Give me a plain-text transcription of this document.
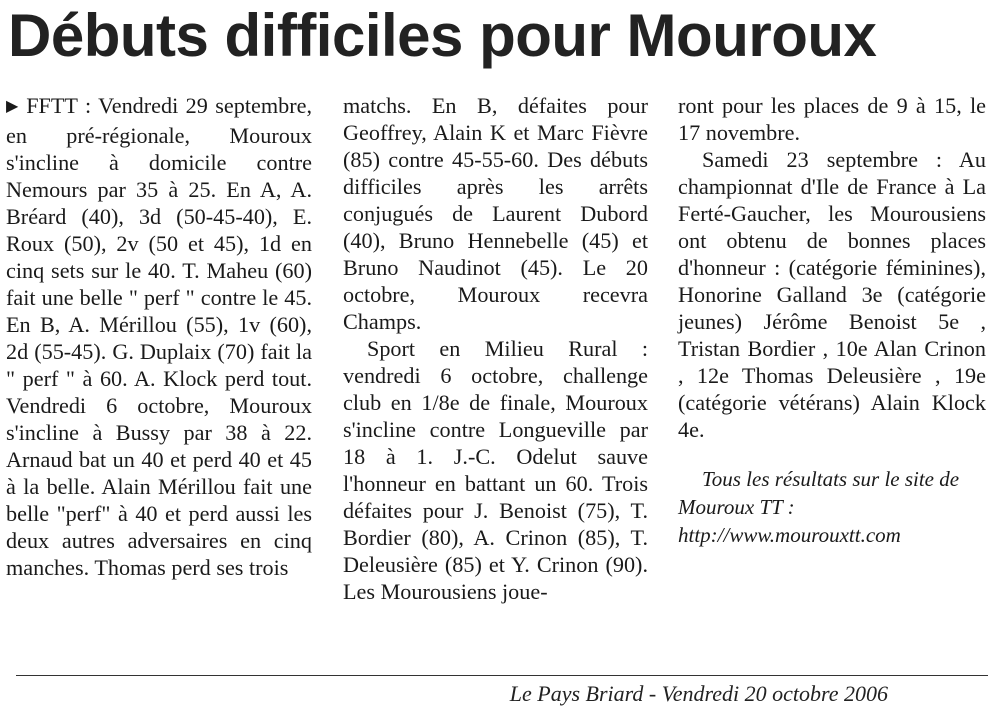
Débuts difficiles pour Mouroux

▶ FFTT : Vendredi 29 septembre, en pré-régionale, Mouroux s'incline à domicile contre Nemours par 35 à 25. En A, A. Bréard (40), 3d (50-45-40), E. Roux (50), 2v (50 et 45), 1d en cinq sets sur le 40. T. Maheu (60) fait une belle " perf " contre le 45. En B, A. Mérillou (55), 1v (60), 2d (55-45). G. Duplaix (70) fait la " perf " à 60. A. Klock perd tout. Vendredi 6 octobre, Mouroux s'incline à Bussy par 38 à 22. Arnaud bat un 40 et perd 40 et 45 à la belle. Alain Mérillou fait une belle "perf" à 40 et perd aussi les deux autres adversaires en cinq manches. Thomas perd ses trois

matchs. En B, défaites pour Geoffrey, Alain K et Marc Fièvre (85) contre 45-55-60. Des débuts difficiles après les arrêts conjugués de Laurent Dubord (40), Bruno Hennebelle (45) et Bruno Naudinot (45). Le 20 octobre, Mouroux recevra Champs.

Sport en Milieu Rural : vendredi 6 octobre, challenge club en 1/8e de finale, Mouroux s'incline contre Longueville par 18 à 1. J.-C. Odelut sauve l'honneur en battant un 60. Trois défaites pour J. Benoist (75), T. Bordier (80), A. Crinon (85), T. Deleusière (85) et Y. Crinon (90). Les Mourousiens joue-

ront pour les places de 9 à 15, le 17 novembre.

Samedi 23 septembre : Au championnat d'Ile de France à La Ferté-Gaucher, les Mourousiens ont obtenu de bonnes places d'honneur : (catégorie féminines), Honorine Galland 3e (catégorie jeunes) Jérôme Benoist 5e , Tristan Bordier , 10e Alan Crinon , 12e Thomas Deleusière , 19e (catégorie vétérans) Alain Klock 4e.

Tous les résultats sur le site de Mouroux TT : http://www.mourouxtt.com

Le Pays Briard - Vendredi 20 octobre 2006
